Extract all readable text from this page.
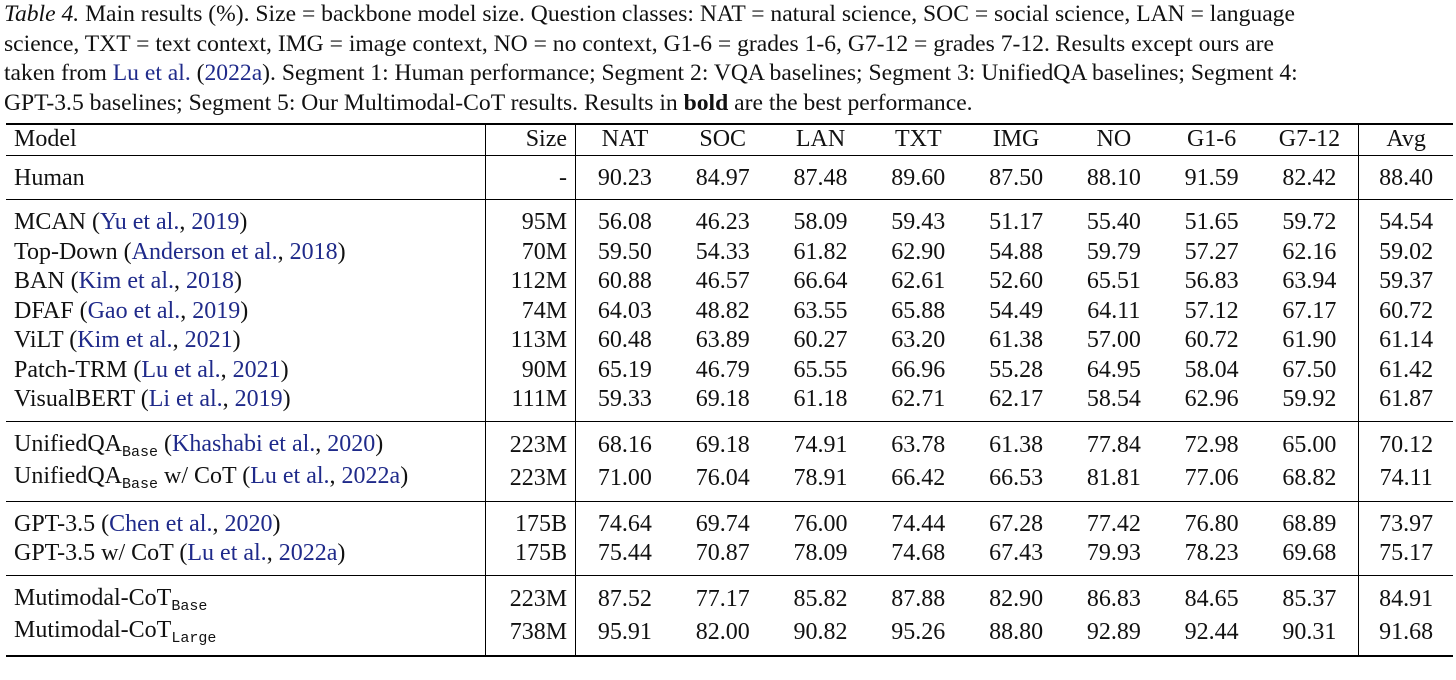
Table 4. Main results (%). Size = backbone model size. Question classes: NAT = natural science, SOC = social science, LAN = language
science, TXT = text context, IMG = image context, NO = no context, G1-6 = grades 1-6, G7-12 = grades 7-12. Results except ours are
taken from Lu et al. (2022a). Segment 1: Human performance; Segment 2: VQA baselines; Segment 3: UnifiedQA baselines; Segment 4:
GPT-3.5 baselines; Segment 5: Our Multimodal-CoT results. Results in bold are the best performance.
Model	Size	NAT	SOC	LAN	TXT	IMG	NO	G1-6	G7-12	Avg
Human	-	90.23	84.97	87.48	89.60	87.50	88.10	91.59	82.42	88.40
MCAN (Yu et al., 2019)	95M	56.08	46.23	58.09	59.43	51.17	55.40	51.65	59.72	54.54
Top-Down (Anderson et al., 2018)	70M	59.50	54.33	61.82	62.90	54.88	59.79	57.27	62.16	59.02
BAN (Kim et al., 2018)	112M	60.88	46.57	66.64	62.61	52.60	65.51	56.83	63.94	59.37
DFAF (Gao et al., 2019)	74M	64.03	48.82	63.55	65.88	54.49	64.11	57.12	67.17	60.72
ViLT (Kim et al., 2021)	113M	60.48	63.89	60.27	63.20	61.38	57.00	60.72	61.90	61.14
Patch-TRM (Lu et al., 2021)	90M	65.19	46.79	65.55	66.96	55.28	64.95	58.04	67.50	61.42
VisualBERT (Li et al., 2019)	111M	59.33	69.18	61.18	62.71	62.17	58.54	62.96	59.92	61.87
UnifiedQA$_{Base}$ (Khashabi et al., 2020)	223M	68.16	69.18	74.91	63.78	61.38	77.84	72.98	65.00	70.12
UnifiedQA$_{Base}$ w/ CoT (Lu et al., 2022a)	223M	71.00	76.04	78.91	66.42	66.53	81.81	77.06	68.82	74.11
GPT-3.5 (Chen et al., 2020)	175B	74.64	69.74	76.00	74.44	67.28	77.42	76.80	68.89	73.97
GPT-3.5 w/ CoT (Lu et al., 2022a)	175B	75.44	70.87	78.09	74.68	67.43	79.93	78.23	69.68	75.17
Mutimodal-CoT$_{Base}$	223M	87.52	77.17	85.82	87.88	82.90	86.83	84.65	85.37	84.91
Mutimodal-CoT$_{Large}$	738M	95.91	82.00	90.82	95.26	88.80	92.89	92.44	90.31	91.68
